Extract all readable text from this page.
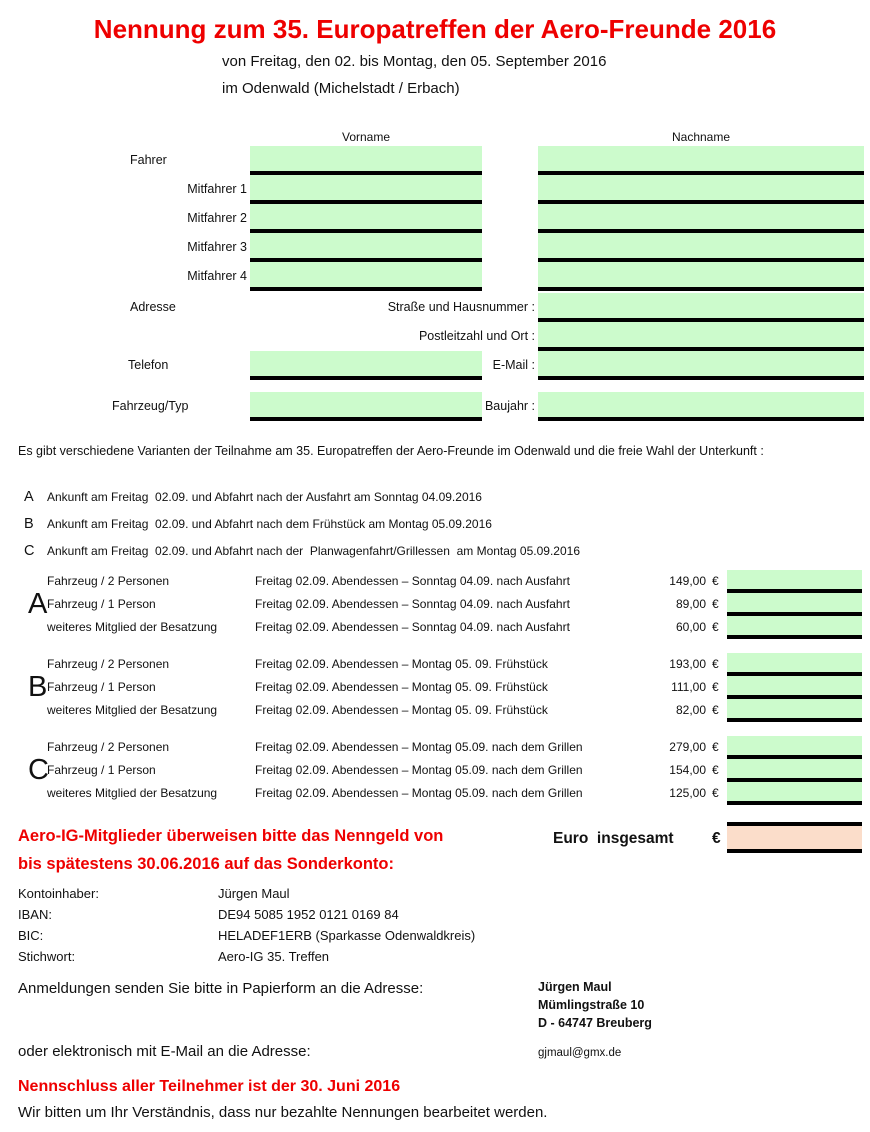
Nennung zum 35. Europatreffen der Aero-Freunde 2016
von Freitag, den 02. bis Montag, den 05. September 2016
im Odenwald (Michelstadt / Erbach)
Vorname	Nachname
Fahrer
Mitfahrer 1
Mitfahrer 2
Mitfahrer 3
Mitfahrer 4
Adresse	Straße und Hausnummer :
Postleitzahl und Ort :
Telefon	E-Mail :
Fahrzeug/Typ	Baujahr :
Es gibt verschiedene Varianten der Teilnahme am 35. Europatreffen der Aero-Freunde im Odenwald und die freie Wahl der Unterkunft :
A Ankunft am Freitag  02.09. und Abfahrt nach der Ausfahrt am Sonntag 04.09.2016
B Ankunft am Freitag  02.09. und Abfahrt nach dem Frühstück am Montag 05.09.2016
C Ankunft am Freitag  02.09. und Abfahrt nach der  Planwagenfahrt/Grillessen  am Montag 05.09.2016
A
Fahrzeug / 2 Personen	Freitag 02.09. Abendessen – Sonntag 04.09. nach Ausfahrt	149,00 €
Fahrzeug / 1 Person	Freitag 02.09. Abendessen – Sonntag 04.09. nach Ausfahrt	89,00 €
weiteres Mitglied der Besatzung	Freitag 02.09. Abendessen – Sonntag 04.09. nach Ausfahrt	60,00 €
B
Fahrzeug / 2 Personen	Freitag 02.09. Abendessen – Montag 05. 09. Frühstück	193,00 €
Fahrzeug / 1 Person	Freitag 02.09. Abendessen – Montag 05. 09. Frühstück	111,00 €
weiteres Mitglied der Besatzung	Freitag 02.09. Abendessen – Montag 05. 09. Frühstück	82,00 €
C
Fahrzeug / 2 Personen	Freitag 02.09. Abendessen – Montag 05.09. nach dem Grillen	279,00 €
Fahrzeug / 1 Person	Freitag 02.09. Abendessen – Montag 05.09. nach dem Grillen	154,00 €
weiteres Mitglied der Besatzung	Freitag 02.09. Abendessen – Montag 05.09. nach dem Grillen	125,00 €
Aero-IG-Mitglieder überweisen bitte das Nenngeld von
bis spätestens 30.06.2016 auf das Sonderkonto:
Euro  insgesamt €
Kontoinhaber:	Jürgen Maul
IBAN:	DE94 5085 1952 0121 0169 84
BIC:	HELADEF1ERB (Sparkasse Odenwaldkreis)
Stichwort:	Aero-IG 35. Treffen
Anmeldungen senden Sie bitte in Papierform an die Adresse:	Jürgen Maul
Mümlingstraße 10
D - 64747 Breuberg
oder elektronisch mit E-Mail an die Adresse:	gjmaul@gmx.de
Nennschluss aller Teilnehmer ist der 30. Juni 2016
Wir bitten um Ihr Verständnis, dass nur bezahlte Nennungen bearbeitet werden.
